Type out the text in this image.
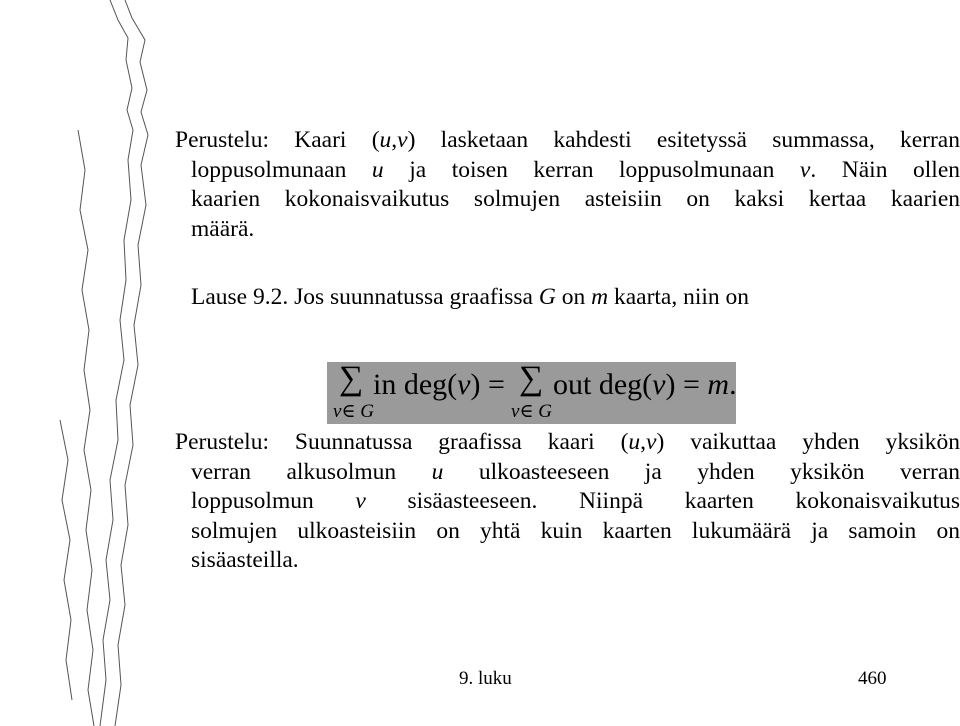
Perustelu: Kaari (u,v) lasketaan kahdesti esitetyssä summassa, kerran
loppusolmunaan u ja toisen kerran loppusolmunaan v. Näin ollen
kaarien kokonaisvaikutus solmujen asteisiin on kaksi kertaa kaarien
määrä.
Lause 9.2. Jos suunnatussa graafissa G on m kaarta, niin on
∑ in deg(v) = ∑ out deg(v) = m.
v∈ G	v∈ G
Perustelu: Suunnatussa graafissa kaari (u,v) vaikuttaa yhden yksikön
verran alkusolmun u ulkoasteeseen ja yhden yksikön verran
loppusolmun v sisäasteeseen. Niinpä kaarten kokonaisvaikutus
solmujen ulkoasteisiin on yhtä kuin kaarten lukumäärä ja samoin on
sisäasteilla.
9. luku	460
